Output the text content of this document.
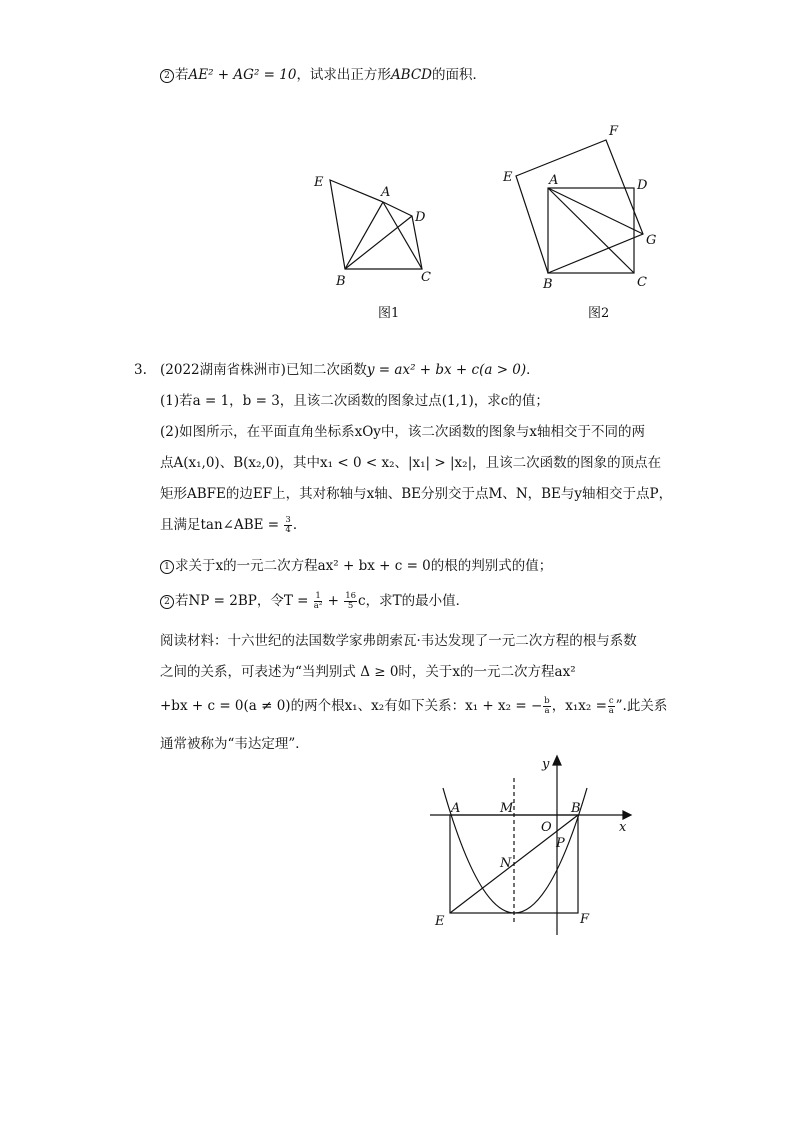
2 若AE² + AG² = 10，试求出正方形ABCD的面积．
E
A
D
B	C
图1
F
E	A	D
G
B	C
图2
3. (2022湖南省株洲市)已知二次函数y = ax² + bx + c(a > 0)．
(1)若a = 1，b = 3，且该二次函数的图象过点(1,1)，求c的值；
(2)如图所示，在平面直角坐标系xOy中，该二次函数的图象与x轴相交于不同的两
点A(x₁,0)、B(x₂,0)，其中x₁ < 0 < x₂、|x₁| > |x₂|，且该二次函数的图象的顶点在
矩形ABFE的边EF上，其对称轴与x轴、BE分别交于点M、N，BE与y轴相交于点P，
且满足tan∠ABE = $\frac{3}{4}$ ．
1 求关于x的一元二次方程ax² + bx + c = 0的根的判别式的值；
2 若NP = 2BP，令$T = \frac{1}{\text{a²}} + \frac{16}{5}$ c，求T的最小值．
阅读材料：十六世纪的法国数学家弗朗索瓦·韦达发现了一元二次方程的根与系数
之间的关系，可表述为“当判别式 Δ ≥ 0时，关于x的一元二次方程ax²
+bx + c = 0(a ≠ 0)的两个根x₁、x₂有如下关系：x₁ + x₂ = − $\frac{b}{a}$ ，$x_1x_2 = \frac{c}{a}$ ”.此关系
通常被称为“韦达定理”．
y
x
A	M	B
O
P
N
E	F
